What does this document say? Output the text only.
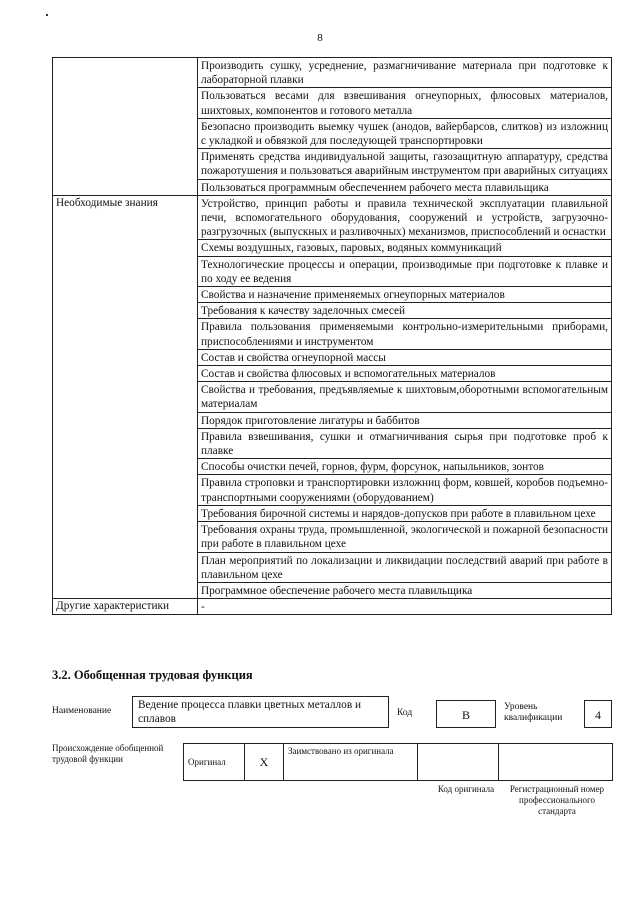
8
	Производить сушку, усреднение, размагничивание материала при подготовке к лабораторной плавки
	Пользоваться весами для взвешивания огнеупорных, флюсовых материалов, шихтовых, компонентов и готового металла
	Безопасно производить выемку чушек (анодов, вайербарсов, слитков) из изложниц с укладкой и обвязкой для последующей транспортировки
	Применять средства индивидуальной защиты, газозащитную аппаратуру, средства пожаротушения и пользоваться аварийным инструментом при аварийных ситуациях
	Пользоваться программным обеспечением рабочего места плавильщика
Необходимые знания	Устройство, принцип работы и правила технической эксплуатации плавильной печи, вспомогательного оборудования, сооружений и устройств, загрузочно-разгрузочных (выпускных и разливочных) механизмов, приспособлений и оснастки
	Схемы воздушных, газовых, паровых, водяных коммуникаций
	Технологические процессы и операции, производимые при подготовке к плавке и по ходу ее ведения
	Свойства и назначение применяемых огнеупорных материалов
	Требования к качеству заделочных смесей
	Правила пользования применяемыми контрольно-измерительными приборами, приспособлениями и инструментом
	Состав и свойства огнеупорной массы
	Состав и свойства флюсовых и вспомогательных материалов
	Свойства и требования, предъявляемые к шихтовым,оборотными вспомогательным материалам
	Порядок приготовление лигатуры и баббитов
	Правила взвешивания, сушки и отмагничивания сырья при подготовке проб к плавке
	Способы очистки печей, горнов, фурм, форсунок, напыльников, зонтов
	Правила строповки и транспортировки изложниц форм, ковшей, коробов подъемно-транспортными сооружениями (оборудованием)
	Требования бирочной системы и нарядов-допусков при работе в плавильном цехе
	Требования охраны труда, промышленной, экологической и пожарной безопасности при работе в плавильном цехе
	План мероприятий по локализации и ликвидации последствий аварий при работе в плавильном цехе
	Программное обеспечение рабочего места плавильщика
Другие характеристики	-
3.2. Обобщенная трудовая функция
Наименование	Ведение процесса плавки цветных металлов и сплавов	Код	В
Уровень квалификации	4
Происхождение обобщенной трудовой функции	Оригинал	X	Заимствовано из оригинала		
Код оригинала	Регистрационный номер профессионального стандарта
